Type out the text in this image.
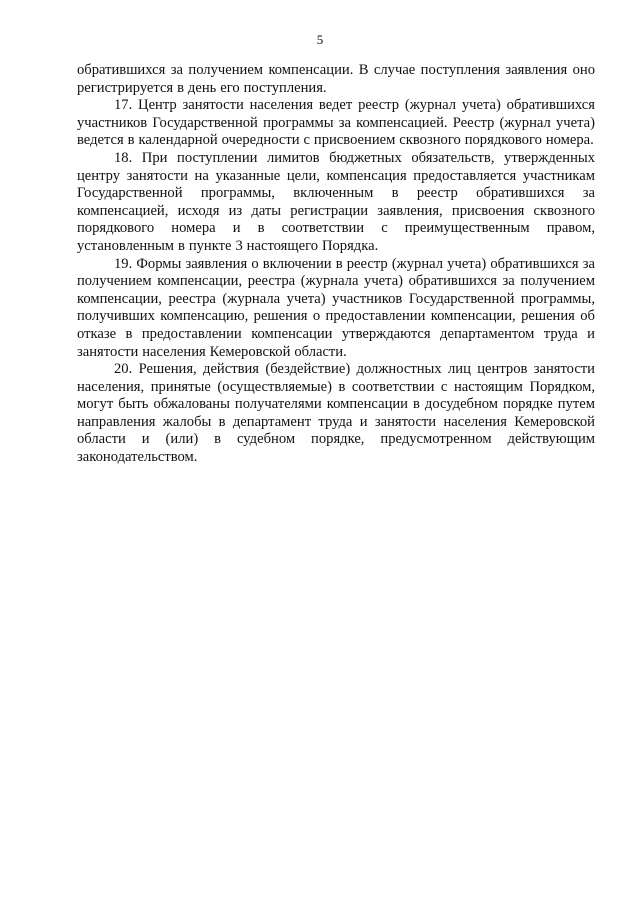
5

обратившихся за получением компенсации. В случае поступления заявления оно регистрируется в день его поступления.

17. Центр занятости населения ведет реестр (журнал учета) обратившихся участников Государственной программы за компенсацией. Реестр (журнал учета) ведется в календарной очередности с присвоением сквозного порядкового номера.

18. При поступлении лимитов бюджетных обязательств, утвержденных центру занятости на указанные цели, компенсация предоставляется участникам Государственной программы, включенным в реестр обратившихся за компенсацией, исходя из даты регистрации заявления, присвоения сквозного порядкового номера и в соответствии с преимущественным правом, установленным в пункте 3 настоящего Порядка.

19. Формы заявления о включении в реестр (журнал учета) обратившихся за получением компенсации, реестра (журнала учета) обратившихся за получением компенсации, реестра (журнала учета) участников Государственной программы, получивших компенсацию, решения о предоставлении компенсации, решения об отказе в предоставлении компенсации утверждаются департаментом труда и занятости населения Кемеровской области.

20. Решения, действия (бездействие) должностных лиц центров занятости населения, принятые (осуществляемые) в соответствии с настоящим Порядком, могут быть обжалованы получателями компенсации в досудебном порядке путем направления жалобы в департамент труда и занятости населения Кемеровской области и (или) в судебном порядке, предусмотренном действующим законодательством.
